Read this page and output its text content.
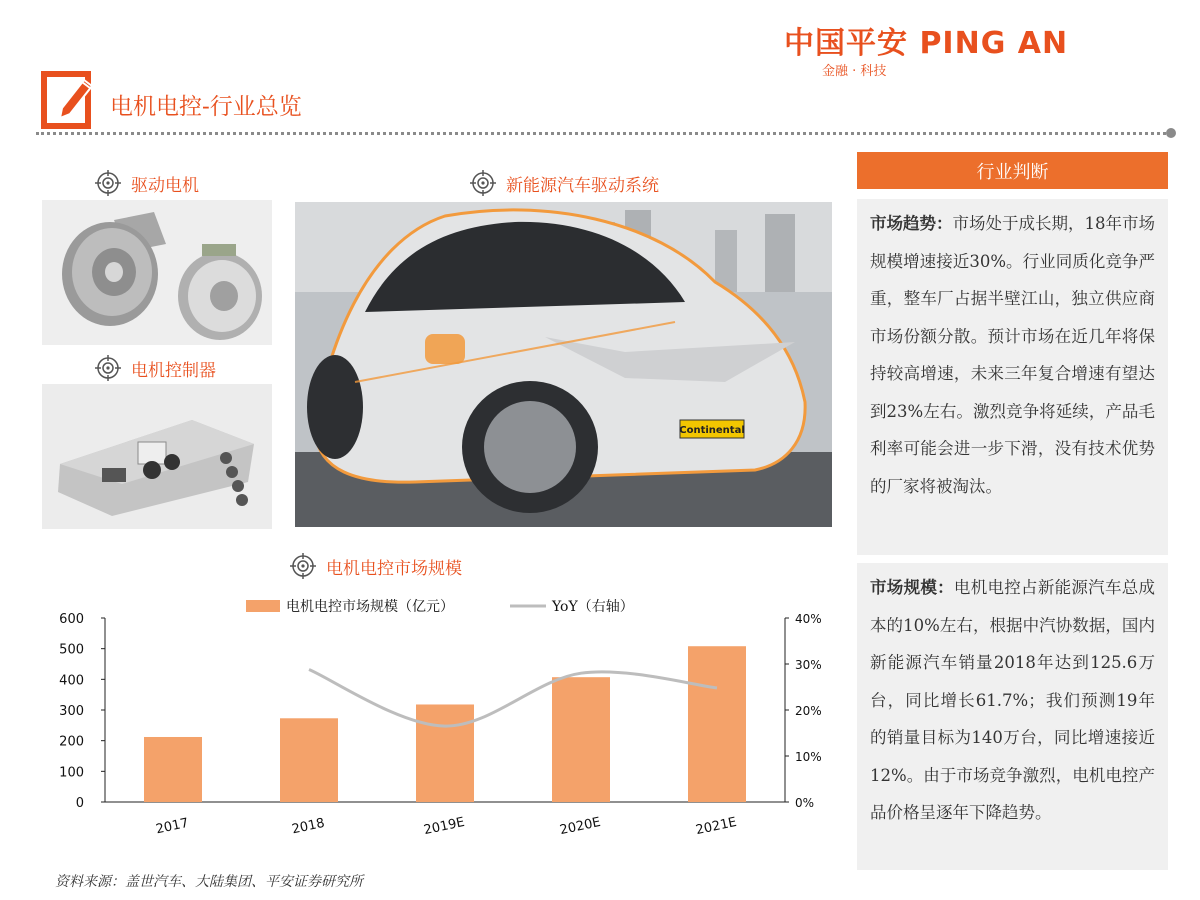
中国平安 PING AN
金融 · 科技
电机电控-行业总览
驱动电机	新能源汽车驱动系统
电机控制器
电机电控市场规模
Continental
电机电控市场规模（亿元）	YoY（右轴）
0
100
200
300
400
500
600
0%
10%
20%
30%
40%
2017	2018	2019E	2020E	2021E
行业判断
市场趋势：市场处于成长期，18年市场规模增速接近30%。行业同质化竞争严重，整车厂占据半壁江山，独立供应商市场份额分散。预计市场在近几年将保持较高增速，未来三年复合增速有望达到23%左右。激烈竞争将延续，产品毛利率可能会进一步下滑，没有技术优势的厂家将被淘汰。
市场规模：电机电控占新能源汽车总成本的10%左右，根据中汽协数据，国内新能源汽车销量2018年达到125.6万台，同比增长61.7%；我们预测19年的销量目标为140万台，同比增速接近12%。由于市场竞争激烈，电机电控产品价格呈逐年下降趋势。
资料来源：盖世汽车、大陆集团、平安证券研究所
